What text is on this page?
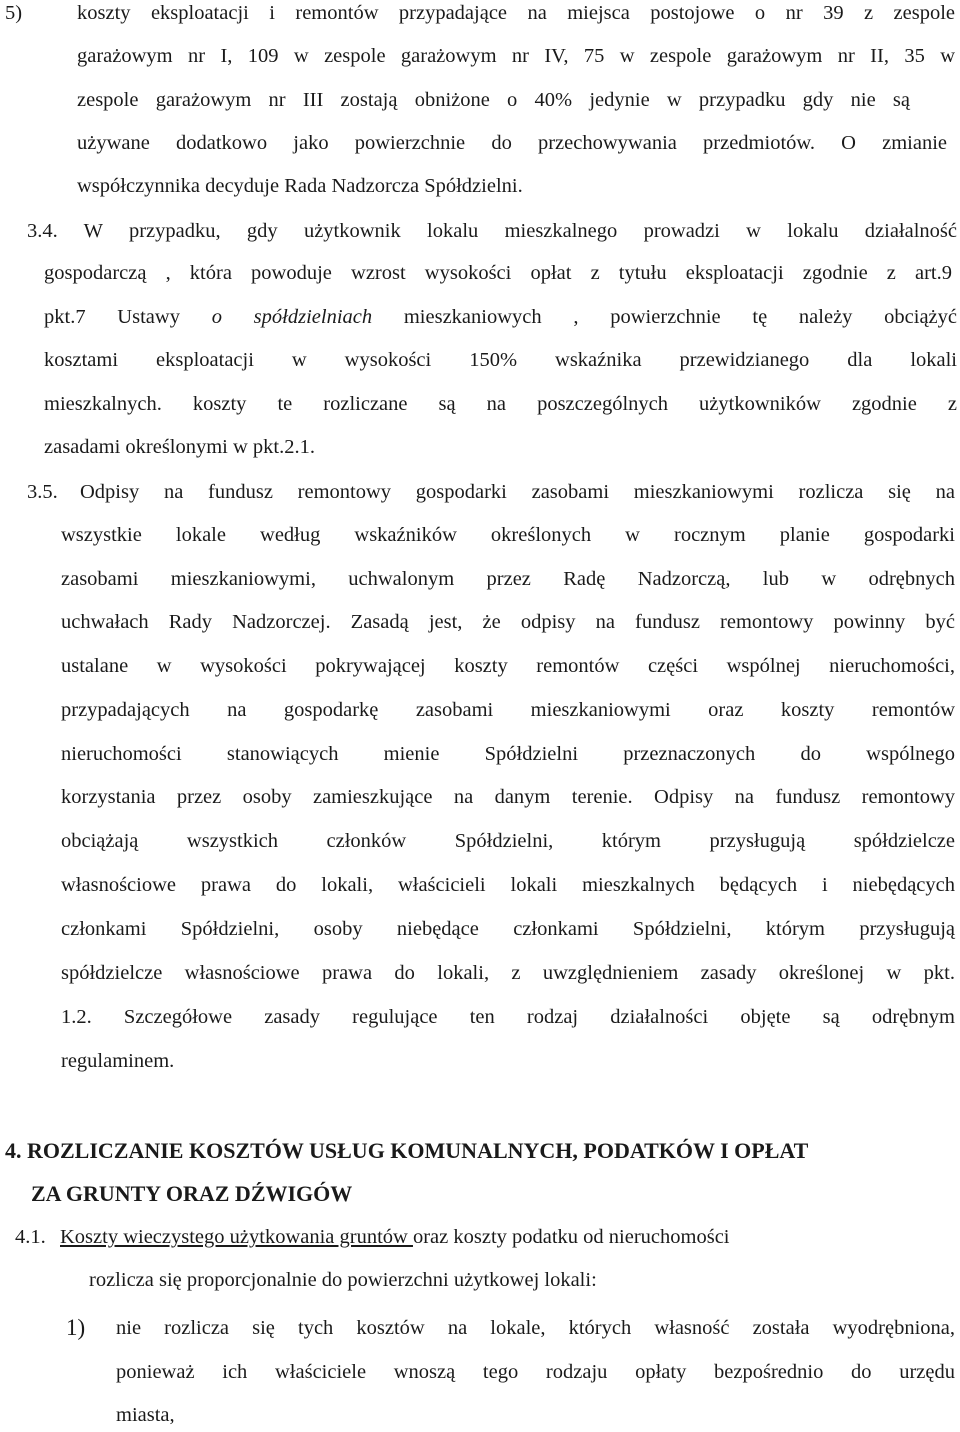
5)	koszty eksploatacji i remontów przypadające na miejsca postojowe o nr 39 z zespole
garażowym nr I, 109 w zespole garażowym nr IV, 75 w zespole garażowym nr II, 35 w
zespole garażowym nr III zostają obniżone o 40% jedynie w przypadku gdy nie są
używane dodatkowo jako powierzchnie do przechowywania przedmiotów. O zmianie
współczynnika decyduje Rada Nadzorcza Spółdzielni.
3.4. W przypadku, gdy użytkownik lokalu mieszkalnego prowadzi w lokalu działalność
gospodarczą , która powoduje wzrost wysokości opłat z tytułu eksploatacji zgodnie z art.9
pkt.7 Ustawy o spółdzielniach mieszkaniowych , powierzchnie tę należy obciążyć
kosztami eksploatacji w wysokości 150% wskaźnika przewidzianego dla lokali
mieszkalnych. koszty te rozliczane są na poszczególnych użytkowników zgodnie z
zasadami określonymi w pkt.2.1.
3.5. Odpisy na fundusz remontowy gospodarki zasobami mieszkaniowymi rozlicza się na
wszystkie lokale według wskaźników określonych w rocznym planie gospodarki
zasobami mieszkaniowymi, uchwalonym przez Radę Nadzorczą, lub w odrębnych
uchwałach Rady Nadzorczej. Zasadą jest, że odpisy na fundusz remontowy powinny być
ustalane w wysokości pokrywającej koszty remontów części wspólnej nieruchomości,
przypadających na gospodarkę zasobami mieszkaniowymi oraz koszty remontów
nieruchomości stanowiących mienie Spółdzielni przeznaczonych do wspólnego
korzystania przez osoby zamieszkujące na danym terenie. Odpisy na fundusz remontowy
obciążają wszystkich członków Spółdzielni, którym przysługują spółdzielcze
własnościowe prawa do lokali, właścicieli lokali mieszkalnych będących i niebędących
członkami Spółdzielni, osoby niebędące członkami Spółdzielni, którym przysługują
spółdzielcze własnościowe prawa do lokali, z uwzględnieniem zasady określonej w pkt.
1.2. Szczegółowe zasady regulujące ten rodzaj działalności objęte są odrębnym
regulaminem.
4. ROZLICZANIE KOSZTÓW USŁUG KOMUNALNYCH, PODATKÓW I OPŁAT
ZA GRUNTY ORAZ DŹWIGÓW
4.1. Koszty wieczystego użytkowania gruntów oraz koszty podatku od nieruchomości
rozlicza się proporcjonalnie do powierzchni użytkowej lokali:
1) nie rozlicza się tych kosztów na lokale, których własność została wyodrębniona,
ponieważ ich właściciele wnoszą tego rodzaju opłaty bezpośrednio do urzędu
miasta,
